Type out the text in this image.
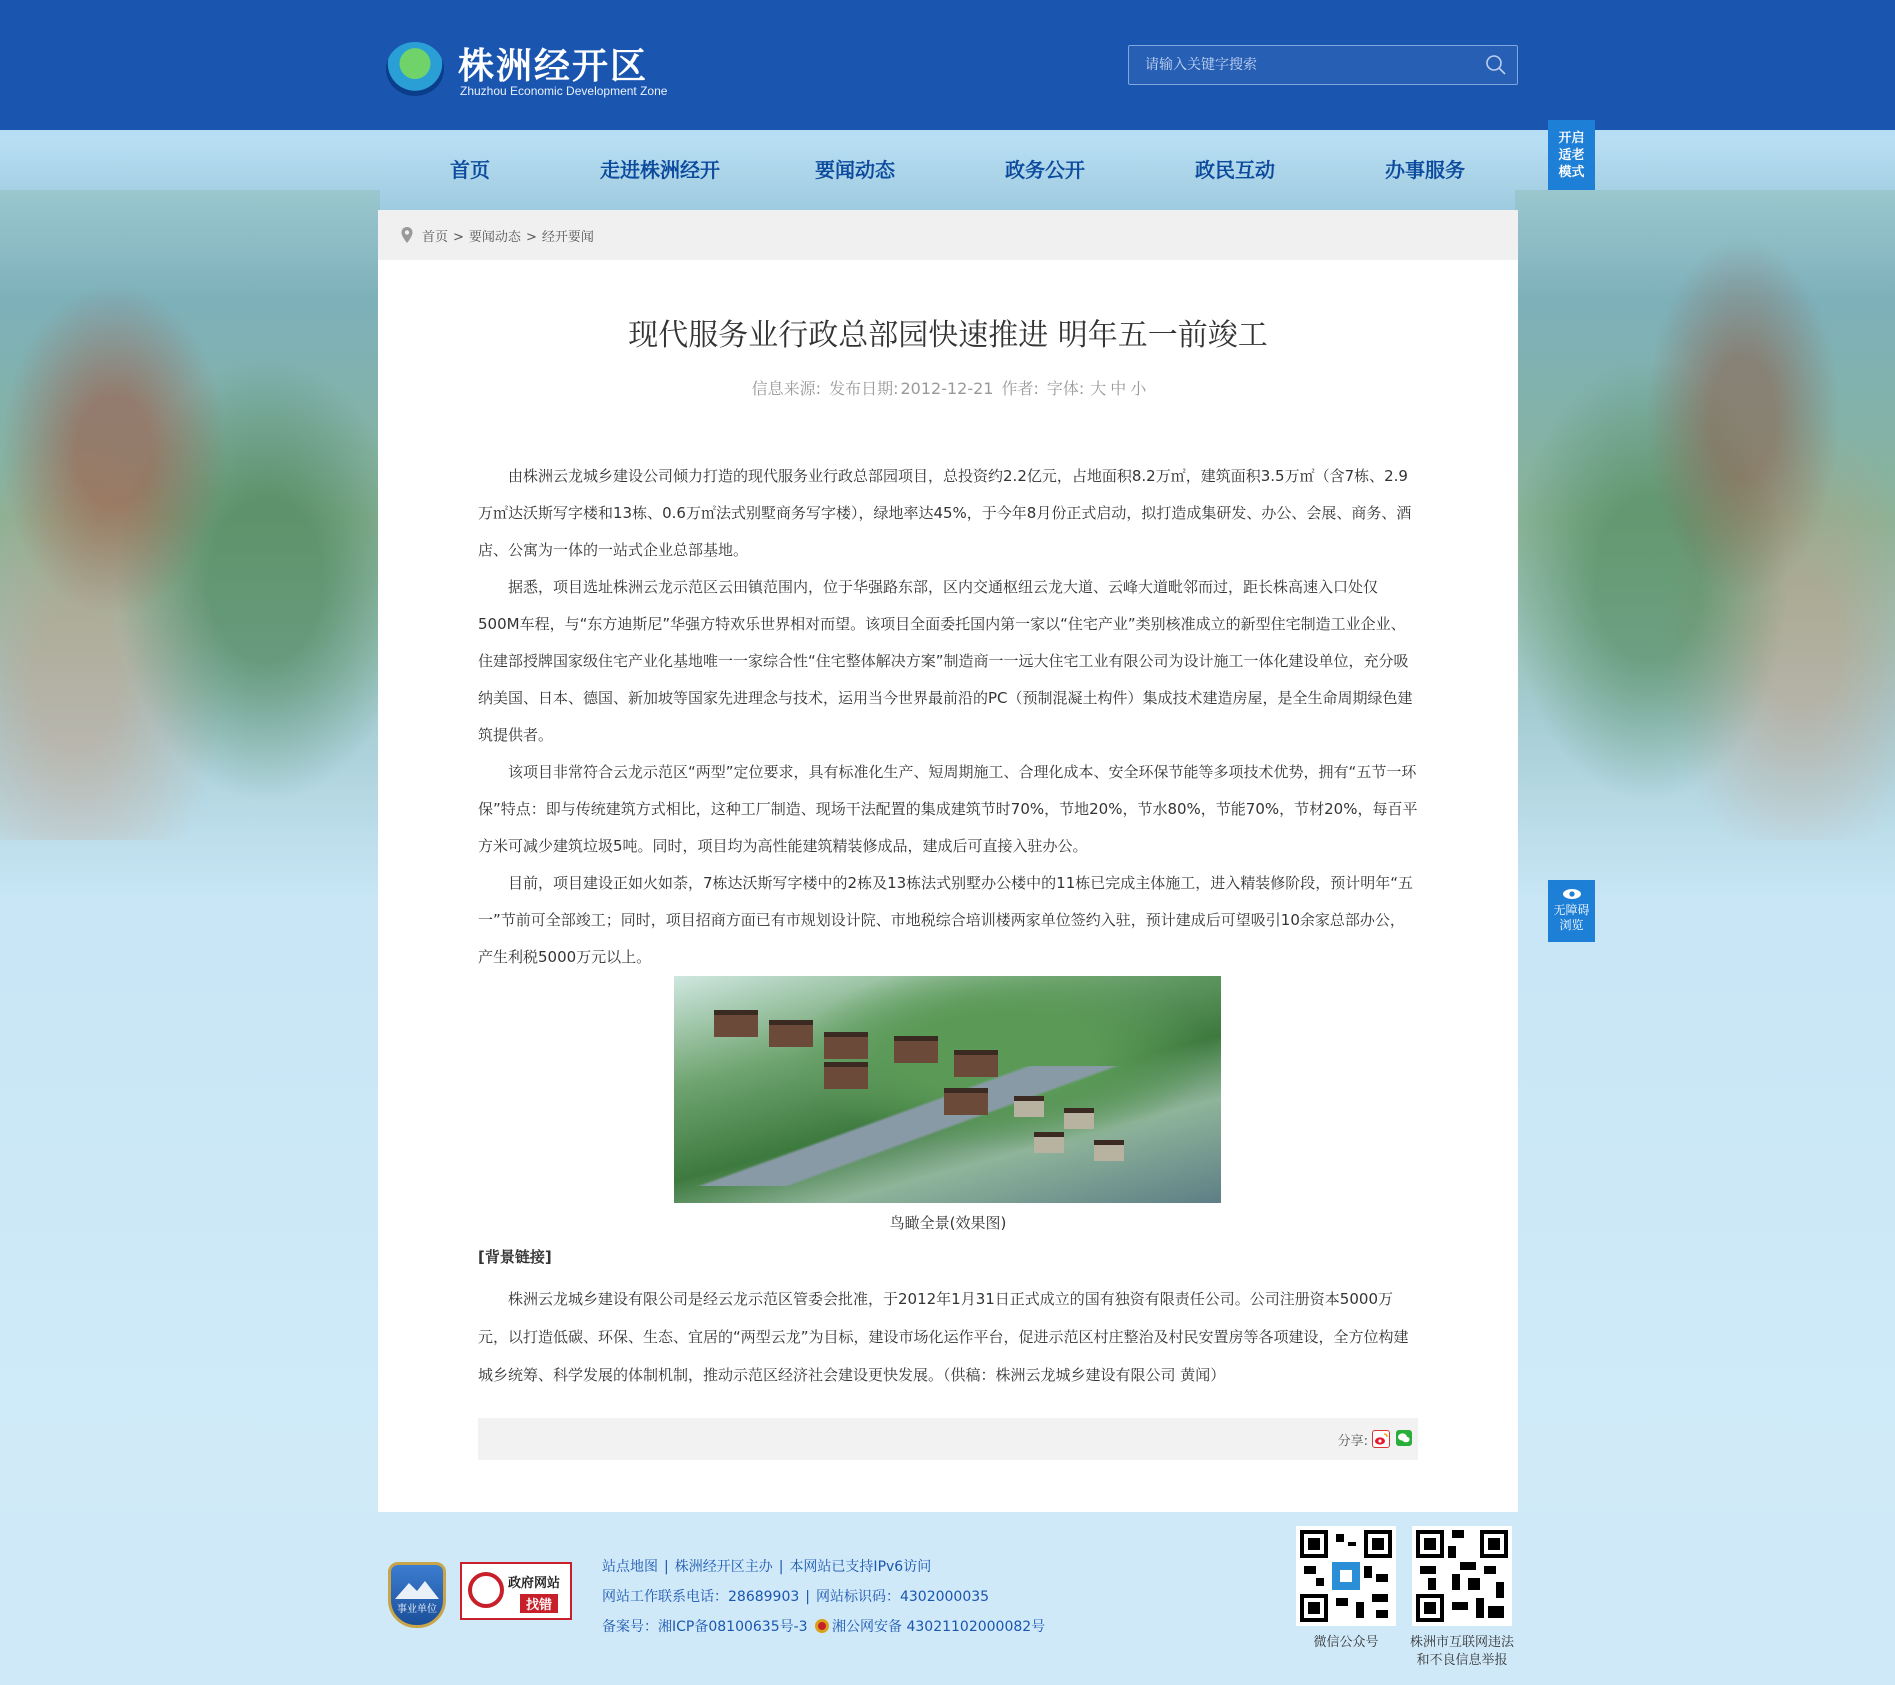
株洲经开区
Zhuzhou Economic Development Zone
请输入关键字搜索
首页	走进株洲经开	要闻动态	政务公开	政民互动	办事服务
开启
适老
模式
无障碍
浏览
首页 > 要闻动态 > 经开要闻
现代服务业行政总部园快速推进 明年五一前竣工
信息来源: 发布日期: 2012-12-21 作者: 字体: 大 中 小

由株洲云龙城乡建设公司倾力打造的现代服务业行政总部园项目，总投资约2.2亿元，占地面积8.2万㎡，建筑面积3.5万㎡（含7栋、2.9万㎡达沃斯写字楼和13栋、0.6万㎡法式别墅商务写字楼），绿地率达45%，于今年8月份正式启动，拟打造成集研发、办公、会展、商务、酒店、公寓为一体的一站式企业总部基地。

据悉，项目选址株洲云龙示范区云田镇范围内，位于华强路东部，区内交通枢纽云龙大道、云峰大道毗邻而过，距长株高速入口处仅500M车程，与“东方迪斯尼”华强方特欢乐世界相对而望。该项目全面委托国内第一家以“住宅产业”类别核准成立的新型住宅制造工业企业、住建部授牌国家级住宅产业化基地唯一一家综合性“住宅整体解决方案”制造商一一远大住宅工业有限公司为设计施工一体化建设单位，充分吸纳美国、日本、德国、新加坡等国家先进理念与技术，运用当今世界最前沿的PC（预制混凝土构件）集成技术建造房屋，是全生命周期绿色建筑提供者。

该项目非常符合云龙示范区“两型”定位要求，具有标准化生产、短周期施工、合理化成本、安全环保节能等多项技术优势，拥有“五节一环保”特点：即与传统建筑方式相比，这种工厂制造、现场干法配置的集成建筑节时70%，节地20%，节水80%，节能70%，节材20%，每百平方米可减少建筑垃圾5吨。同时，项目均为高性能建筑精装修成品，建成后可直接入驻办公。

目前，项目建设正如火如荼，7栋达沃斯写字楼中的2栋及13栋法式别墅办公楼中的11栋已完成主体施工，进入精装修阶段，预计明年“五一”节前可全部竣工；同时，项目招商方面已有市规划设计院、市地税综合培训楼两家单位签约入驻，预计建成后可望吸引10余家总部办公，产生利税5000万元以上。

鸟瞰全景(效果图)
[背景链接]

株洲云龙城乡建设有限公司是经云龙示范区管委会批准，于2012年1月31日正式成立的国有独资有限责任公司。公司注册资本5000万元，以打造低碳、环保、生态、宜居的“两型云龙”为目标，建设市场化运作平台，促进示范区村庄整治及村民安置房等各项建设，全方位构建城乡统筹、科学发展的体制机制，推动示范区经济社会建设更快发展。（供稿：株洲云龙城乡建设有限公司 黄闻）

分享:
事业单位
政府网站
找错
站点地图 | 株洲经开区主办 | 本网站已支持IPv6访问
网站工作联系电话：28689903 | 网站标识码：4302000035
备案号：湘ICP备08100635号-3 湘公网安备 43021102000082号
微信公众号	株洲市互联网违法
和不良信息举报
